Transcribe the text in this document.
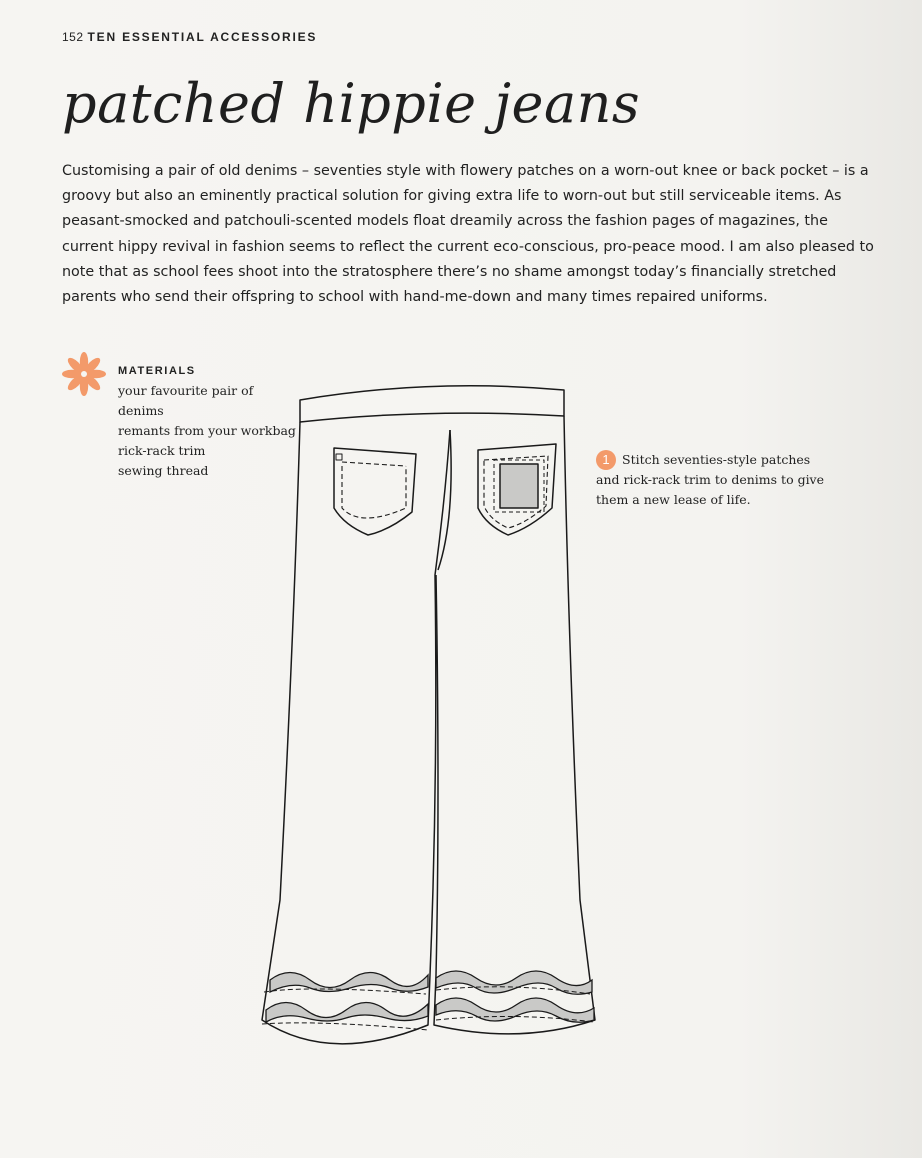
152 TEN ESSENTIAL ACCESSORIES
patched hippie jeans

Customising a pair of old denims – seventies style with flowery patches on a worn-out knee or back pocket – is a groovy but also an eminently practical solution for giving extra life to worn-out but still serviceable items. As peasant-smocked and patchouli-scented models float dreamily across the fashion pages of magazines, the current hippy revival in fashion seems to reflect the current eco-conscious, pro-peace mood. I am also pleased to note that as school fees shoot into the stratosphere there’s no shame amongst today’s financially stretched parents who send their offspring to school with hand-me-down and many times repaired uniforms.

MATERIALS
your favourite pair of
denims
remants from your workbag
rick-rack trim
sewing thread
1 Stitch seventies-style patches and rick-rack trim to denims to give them a new lease of life.
